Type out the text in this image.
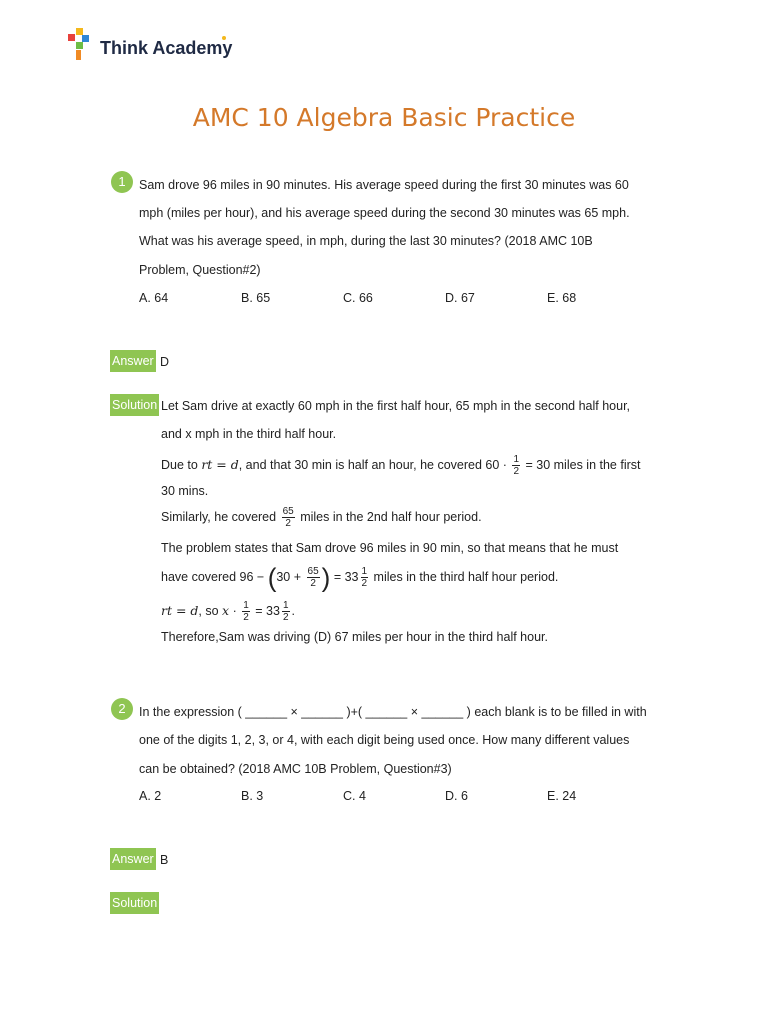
Think Academy
AMC 10 Algebra Basic Practice
1	Sam drove 96 miles in 90 minutes. His average speed during the first 30 minutes was 60
mph (miles per hour), and his average speed during the second 30 minutes was 65 mph.
What was his average speed, in mph, during the last 30 minutes? (2018 AMC 10B
Problem, Question#2)
A. 64	B. 65	C. 66	D. 67	E. 68
Answer D
Solution Let Sam drive at exactly 60 mph in the first half hour, 65 mph in the second half hour,
and x mph in the third half hour.
Due to rt = d, and that 30 min is half an hour, he covered $60 \cdot \frac{1}{2} = 30$ miles in the first
30 mins.
Similarly, he covered $\frac{65}{2}$ miles in the 2nd half hour period.
The problem states that Sam drove 96 miles in 90 min, so that means that he must
have covered $96 - (30 + \frac{65}{2}$ ) = $33 \frac{1}{2}$ miles in the third half hour period.
rt = d, so $x \cdot \frac{1}{2} = 33 \frac{1}{2}$ .
Therefore,Sam was driving (D) 67 miles per hour in the third half hour.
2	In the expression ( ______ × ______ )+( ______ × ______ ) each blank is to be filled in with
one of the digits 1, 2, 3, or 4, with each digit being used once. How many different values
can be obtained? (2018 AMC 10B Problem, Question#3)
A. 2	B. 3	C. 4	D. 6	E. 24
Answer B
Solution
